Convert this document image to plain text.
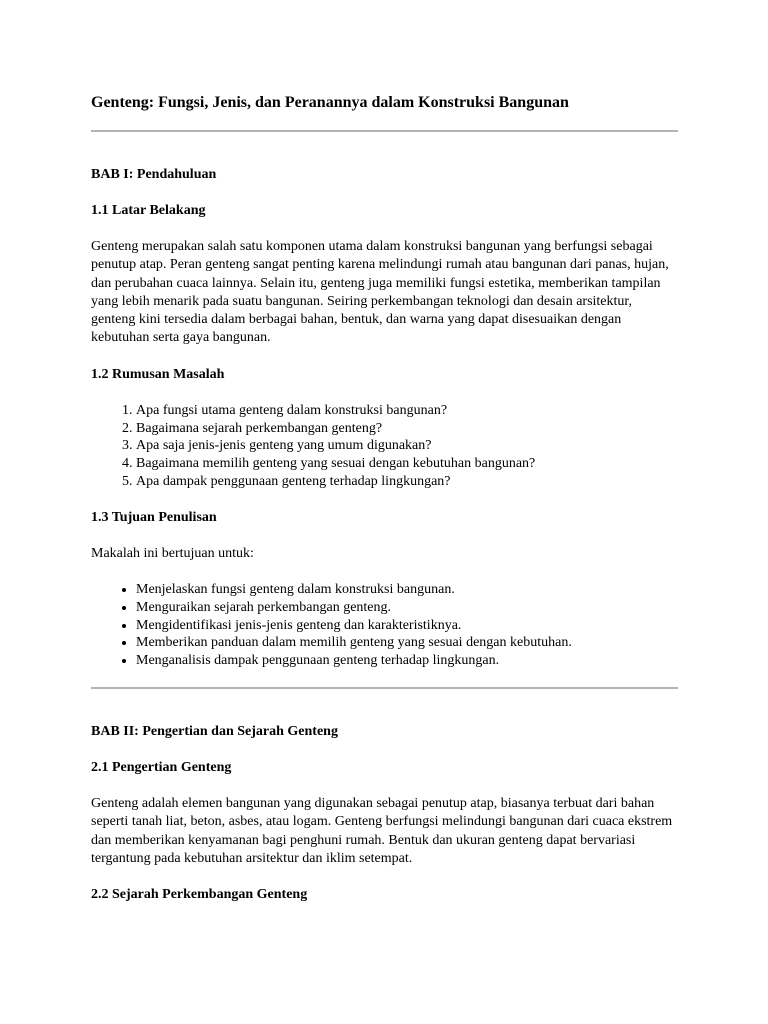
Genteng: Fungsi, Jenis, dan Peranannya dalam Konstruksi Bangunan
BAB I: Pendahuluan
1.1 Latar Belakang

Genteng merupakan salah satu komponen utama dalam konstruksi bangunan yang berfungsi sebagai penutup atap. Peran genteng sangat penting karena melindungi rumah atau bangunan dari panas, hujan, dan perubahan cuaca lainnya. Selain itu, genteng juga memiliki fungsi estetika, memberikan tampilan yang lebih menarik pada suatu bangunan. Seiring perkembangan teknologi dan desain arsitektur, genteng kini tersedia dalam berbagai bahan, bentuk, dan warna yang dapat disesuaikan dengan kebutuhan serta gaya bangunan.

1.2 Rumusan Masalah
1. Apa fungsi utama genteng dalam konstruksi bangunan?
2. Bagaimana sejarah perkembangan genteng?
3. Apa saja jenis-jenis genteng yang umum digunakan?
4. Bagaimana memilih genteng yang sesuai dengan kebutuhan bangunan?
5. Apa dampak penggunaan genteng terhadap lingkungan?
1.3 Tujuan Penulisan

Makalah ini bertujuan untuk:

• Menjelaskan fungsi genteng dalam konstruksi bangunan.
• Menguraikan sejarah perkembangan genteng.
• Mengidentifikasi jenis-jenis genteng dan karakteristiknya.
• Memberikan panduan dalam memilih genteng yang sesuai dengan kebutuhan.
• Menganalisis dampak penggunaan genteng terhadap lingkungan.
BAB II: Pengertian dan Sejarah Genteng
2.1 Pengertian Genteng

Genteng adalah elemen bangunan yang digunakan sebagai penutup atap, biasanya terbuat dari bahan seperti tanah liat, beton, asbes, atau logam. Genteng berfungsi melindungi bangunan dari cuaca ekstrem dan memberikan kenyamanan bagi penghuni rumah. Bentuk dan ukuran genteng dapat bervariasi tergantung pada kebutuhan arsitektur dan iklim setempat.

2.2 Sejarah Perkembangan Genteng
